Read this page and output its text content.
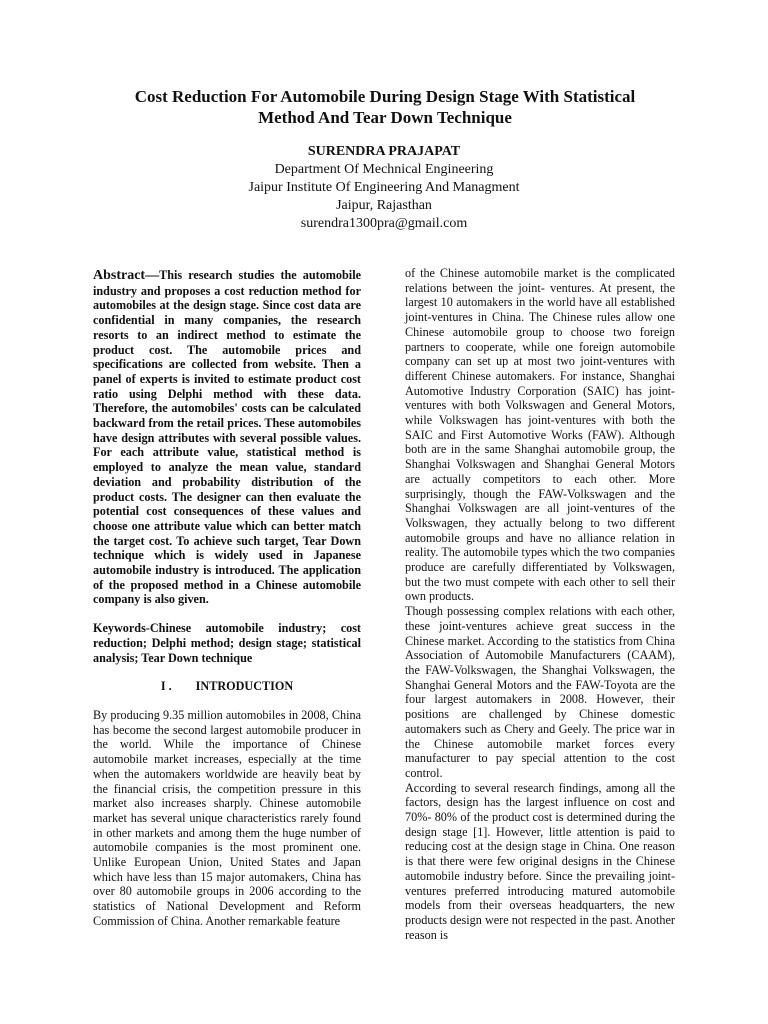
Cost Reduction For Automobile During Design Stage With Statistical
Method And Tear Down Technique
SURENDRA PRAJAPAT
Department Of Mechnical Engineering
Jaipur Institute Of Engineering And Managment
Jaipur, Rajasthan
surendra1300pra@gmail.com

Abstract—This research studies the automobile industry and proposes a cost reduction method for automobiles at the design stage. Since cost data are confidential in many companies, the research resorts to an indirect method to estimate the product cost. The automobile prices and specifications are collected from website. Then a panel of experts is invited to estimate product cost ratio using Delphi method with these data. Therefore, the automobiles' costs can be calculated backward from the retail prices. These automobiles have design attributes with several possible values. For each attribute value, statistical method is employed to analyze the mean value, standard deviation and probability distribution of the product costs. The designer can then evaluate the potential cost consequences of these values and choose one attribute value which can better match the target cost. To achieve such target, Tear Down technique which is widely used in Japanese automobile industry is introduced. The application of the proposed method in a Chinese automobile company is also given.

Keywords-Chinese automobile industry; cost reduction; Delphi method; design stage; statistical analysis; Tear Down technique

I . INTRODUCTION

By producing 9.35 million automobiles in 2008, China has become the second largest automobile producer in the world. While the importance of Chinese automobile market increases, especially at the time when the automakers worldwide are heavily beat by the financial crisis, the competition pressure in this market also increases sharply. Chinese automobile market has several unique characteristics rarely found in other markets and among them the huge number of automobile companies is the most prominent one. Unlike European Union, United States and Japan which have less than 15 major automakers, China has over 80 automobile groups in 2006 according to the statistics of National Development and Reform Commission of China. Another remarkable feature

of the Chinese automobile market is the complicated relations between the joint- ventures. At present, the largest 10 automakers in the world have all established joint-ventures in China. The Chinese rules allow one Chinese automobile group to choose two foreign partners to cooperate, while one foreign automobile company can set up at most two joint-ventures with different Chinese automakers. For instance, Shanghai Automotive Industry Corporation (SAIC) has joint-ventures with both Volkswagen and General Motors, while Volkswagen has joint-ventures with both the SAIC and First Automotive Works (FAW). Although both are in the same Shanghai automobile group, the Shanghai Volkswagen and Shanghai General Motors are actually competitors to each other. More surprisingly, though the FAW-Volkswagen and the Shanghai Volkswagen are all joint-ventures of the Volkswagen, they actually belong to two different automobile groups and have no alliance relation in reality. The automobile types which the two companies produce are carefully differentiated by Volkswagen, but the two must compete with each other to sell their own products.

Though possessing complex relations with each other, these joint-ventures achieve great success in the Chinese market. According to the statistics from China Association of Automobile Manufacturers (CAAM), the FAW-Volkswagen, the Shanghai Volkswagen, the Shanghai General Motors and the FAW-Toyota are the four largest automakers in 2008. However, their positions are challenged by Chinese domestic automakers such as Chery and Geely. The price war in the Chinese automobile market forces every manufacturer to pay special attention to the cost control.

According to several research findings, among all the factors, design has the largest influence on cost and 70%- 80% of the product cost is determined during the design stage [1]. However, little attention is paid to reducing cost at the design stage in China. One reason is that there were few original designs in the Chinese automobile industry before. Since the prevailing joint-ventures preferred introducing matured automobile models from their overseas headquarters, the new products design were not respected in the past. Another reason is
